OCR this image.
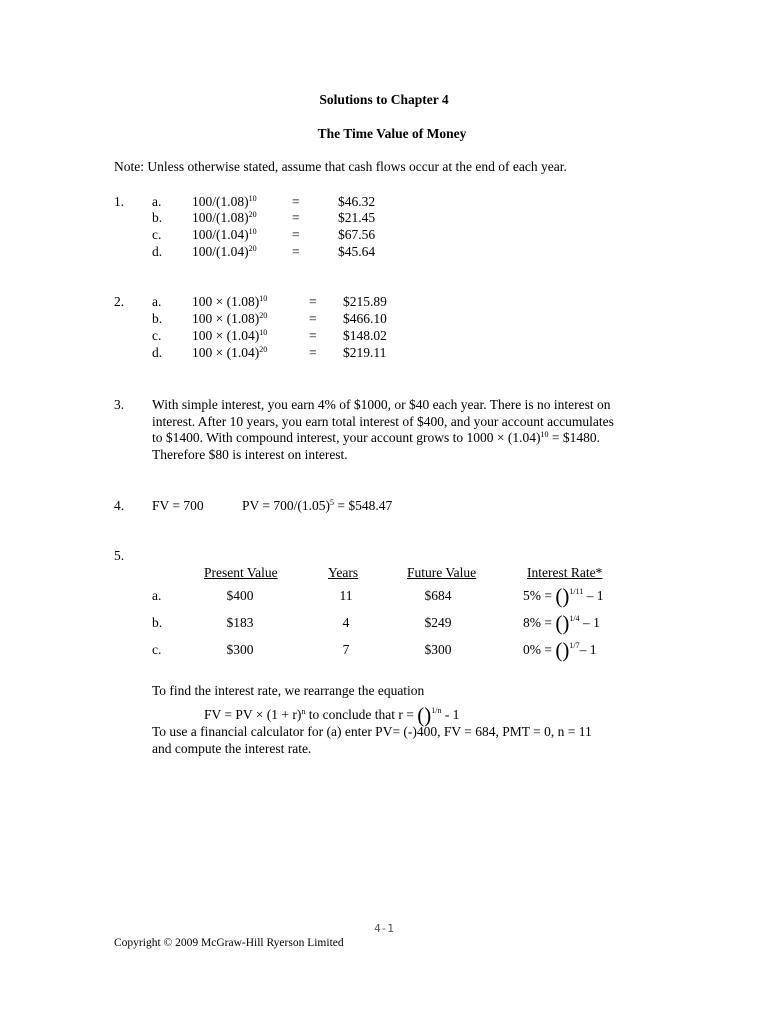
Solutions to Chapter 4
The Time Value of Money
Note: Unless otherwise stated, assume that cash flows occur at the end of each year.
1. a. $100/(1.08)^{10}$	=	$46.32
b. $100/(1.08)^{20}$	=	$21.45
c. $100/(1.04)^{10}$	=	$67.56
d. $100/(1.04)^{20}$	=	$45.64
2. a. $100 \times (1.08)^{10}$	= $215.89
b. $100 \times (1.08)^{20}$	= $466.10
c. $100 \times (1.04)^{10}$	= $148.02
d. $100 \times (1.04)^{20}$	= $219.11
3. With simple interest, you earn 4% of $1000, or $40 each year. There is no interest on
interest. After 10 years, you earn total interest of $400, and your account accumulates
to $1400. With compound interest, your account grows to $1000 \times (1.04)^{10}$ = $1480.
Therefore $80 is interest on interest.
4. FV = 700	PV = $700/(1.05)^5$ = $548.47
5.
Present Value	Years	Future Value	Interest Rate*
a.	$400	11	$684	5% = ()$^{1/11}$ – 1
b.	$183	4	$249	8% = ()$^{1/4}$ – 1
c.	$300	7	$300	0% = ()$^{1/7}$– 1
To find the interest rate, we rearrange the equation
FV = PV × $(1 + r)^n$ to conclude that r = ()$^{1/n}$ - 1
To use a financial calculator for (a) enter PV= (-)400, FV = 684, PMT = 0, n = 11
and compute the interest rate.
4-1
Copyright © 2009 McGraw-Hill Ryerson Limited
